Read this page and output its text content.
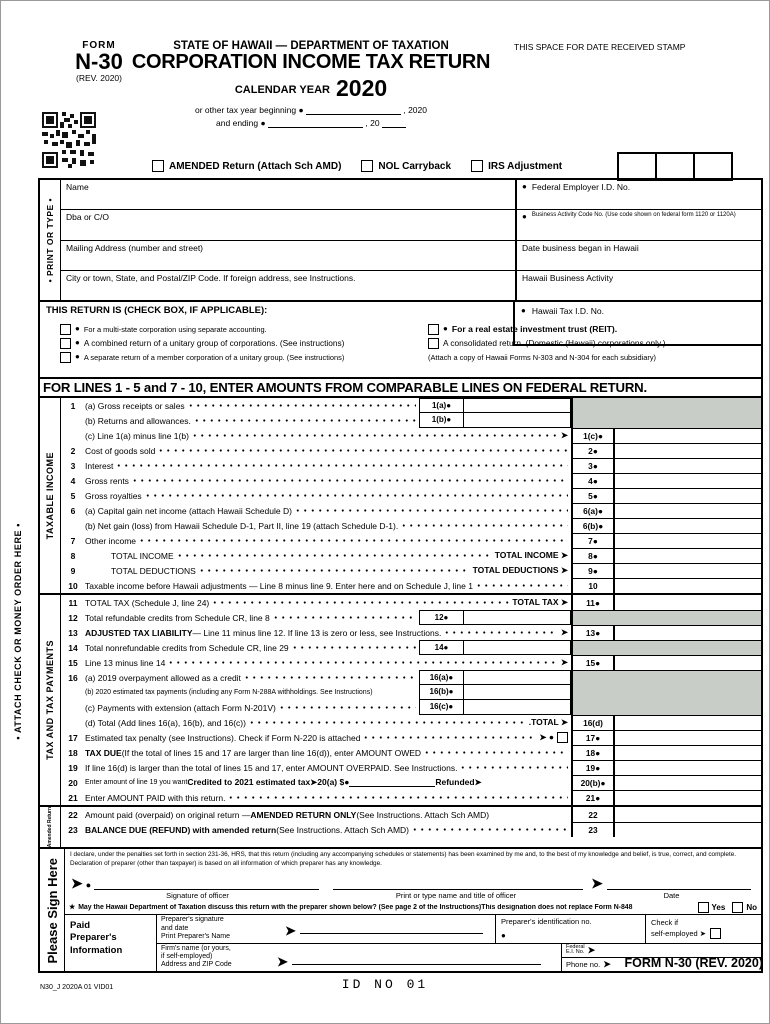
FORM
N-30
(REV. 2020)
STATE OF HAWAII — DEPARTMENT OF TAXATION
CORPORATION INCOME TAX RETURN
CALENDAR YEAR 2020
or other tax year beginning ●	, 2020
and ending ●	, 20
THIS SPACE FOR DATE RECEIVED STAMP
AMENDED Return (Attach Sch AMD)	NOL Carryback	IRS Adjustment
• ATTACH CHECK OR MONEY ORDER HERE •
• PRINT OR TYPE •
Name	● Federal Employer I.D. No.
Dba or C/O	● Business Activity Code No. (Use code shown on federal form 1120 or 1120A)
Mailing Address (number and street)	Date business began in Hawaii
City or town, State, and Postal/ZIP Code. If foreign address, see Instructions.	Hawaii Business Activity
THIS RETURN IS (CHECK BOX, IF APPLICABLE):
● For a multi-state corporation using separate accounting.	● For a real estate investment trust (REIT).
● A combined return of a unitary group of corporations. (See instructions)	A consolidated return. (Domestic (Hawaii) corporations only.)
● A separate return of a member corporation of a unitary group. (See instructions)	(Attach a copy of Hawaii Forms N-303 and N-304 for each subsidiary)
● Hawaii Tax I.D. No.
FOR LINES 1 - 5 and 7 - 10, ENTER AMOUNTS FROM COMPARABLE LINES ON FEDERAL RETURN.
TAXABLE INCOME
1	(a) Gross receipts or sales	1(a)●
(b) Returns and allowances.	1(b)●
(c) Line 1(a) minus line 1(b)	➤	1(c)●
2	Cost of goods sold	2●
3	Interest	3●
4	Gross rents	4●
5	Gross royalties	5●
6	(a) Capital gain net income (attach Hawaii Schedule D)	6(a)●
(b) Net gain (loss) from Hawaii Schedule D-1, Part II, line 19 (attach Schedule D-1).	6(b)●
7	Other income	7●
8	TOTAL INCOME	TOTAL INCOME ➤	8●
9	TOTAL DEDUCTIONS	TOTAL DEDUCTIONS ➤	9●
10 Taxable income before Hawaii adjustments — Line 8 minus line 9. Enter here and on Schedule J, line 1	10
TAX AND TAX PAYMENTS
11 TOTAL TAX (Schedule J, line 24)	TOTAL TAX ➤	11●
12 Total refundable credits from Schedule CR, line 8	12●
13 ADJUSTED TAX LIABILITY — Line 11 minus line 12. If line 13 is zero or less, see Instructions.	➤	13●
14 Total nonrefundable credits from Schedule CR, line 29	14●
15 Line 13 minus line 14	➤	15●
16 (a) 2019 overpayment allowed as a credit	16(a)●
(b) 2020 estimated tax payments (including any Form N-288A withholdings. See Instructions)	16(b)●
(c) Payments with extension (attach Form N-201V)	16(c)●
(d) Total (Add lines 16(a), 16(b), and 16(c))	.TOTAL ➤	16(d)
17 Estimated tax penalty (see Instructions). Check if Form N-220 is attached	➤ ●	17●
18 TAX DUE (If the total of lines 15 and 17 are larger than line 16(d)), enter AMOUNT OWED	18●
19 If line 16(d) is larger than the total of lines 15 and 17, enter AMOUNT OVERPAID. See Instructions.	19●
20	Enter amount of line 19 you want Credited to 2021 estimated tax➤20(a) $●	Refunded➤	20(b)●
21 Enter AMOUNT PAID with this return.	21●
Amended Return	22 Amount paid (overpaid) on original return — AMENDED RETURN ONLY (See Instructions. Attach Sch AMD)	22
23 BALANCE DUE (REFUND) with amended return (See Instructions. Attach Sch AMD)	23
Please Sign Here
I declare, under the penalties set forth in section 231-36, HRS, that this return (including any accompanying schedules or statements) has been examined by me and, to the best of my knowledge and belief, is true, correct, and complete. Declaration of preparer (other than taxpayer) is based on all information of which preparer has any knowledge.
➤ ●	➤
Signature of officer	Print or type name and title of officer	Date
★ May the Hawaii Department of Taxation discuss this return with the preparer shown below? (See page 2 of the Instructions)This designation does not replace Form N-848	Yes	No
Paid
Preparer's
Information
Preparer's signature
and date
Print Preparer's Name	➤
Preparer's identification no.
●
Check if
self-employed ➤
Firm's name (or yours,
if self-employed)
Address and ZIP Code	➤
Federal
E.I. No. ➤
Phone no. ➤ FORM N-30 (REV. 2020)
N30_J 2020A 01 VID01	ID NO 01
